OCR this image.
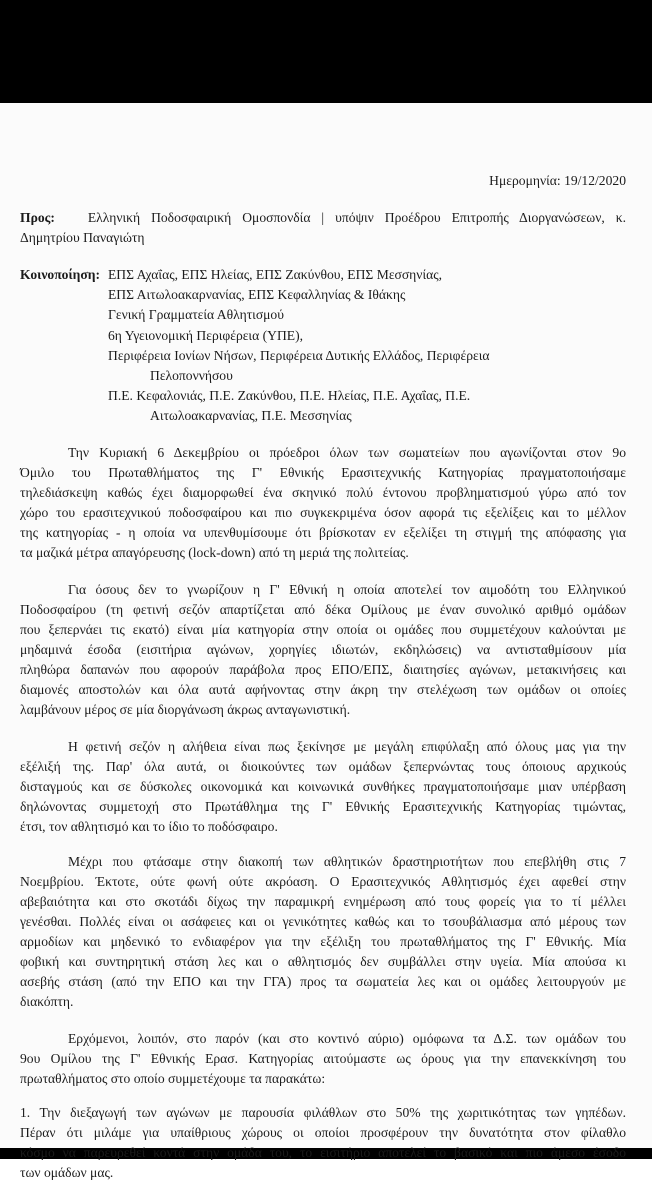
Ημερομηνία: 19/12/2020
Προς: Ελληνική Ποδοσφαιρική Ομοσπονδία | υπόψιν Προέδρου Επιτροπής Διοργανώσεων, κ.
Δημητρίου Παναγιώτη
Κοινοποίηση: ΕΠΣ Αχαΐας, ΕΠΣ Ηλείας, ΕΠΣ Ζακύνθου, ΕΠΣ Μεσσηνίας,
ΕΠΣ Αιτωλοακαρνανίας, ΕΠΣ Κεφαλληνίας & Ιθάκης
Γενική Γραμματεία Αθλητισμού
6η Υγειονομική Περιφέρεια (ΥΠΕ),
Περιφέρεια Ιονίων Νήσων, Περιφέρεια Δυτικής Ελλάδος, Περιφέρεια
Πελοποννήσου
Π.Ε. Κεφαλονιάς, Π.Ε. Ζακύνθου, Π.Ε. Ηλείας, Π.Ε. Αχαΐας, Π.Ε.
Αιτωλοακαρνανίας, Π.Ε. Μεσσηνίας
Την Κυριακή 6 Δεκεμβρίου οι πρόεδροι όλων των σωματείων που αγωνίζονται στον 9ο
Όμιλο του Πρωταθλήματος της Γ' Εθνικής Ερασιτεχνικής Κατηγορίας πραγματοποιήσαμε
τηλεδιάσκεψη καθώς έχει διαμορφωθεί ένα σκηνικό πολύ έντονου προβληματισμού γύρω από τον
χώρο του ερασιτεχνικού ποδοσφαίρου και πιο συγκεκριμένα όσον αφορά τις εξελίξεις και το μέλλον
της κατηγορίας - η οποία να υπενθυμίσουμε ότι βρίσκοταν εν εξελίξει τη στιγμή της απόφασης για
τα μαζικά μέτρα απαγόρευσης (lock-down) από τη μεριά της πολιτείας.
Για όσους δεν το γνωρίζουν η Γ' Εθνική η οποία αποτελεί τον αιμοδότη του Ελληνικού
Ποδοσφαίρου (τη φετινή σεζόν απαρτίζεται από δέκα Ομίλους με έναν συνολικό αριθμό ομάδων
που ξεπερνάει τις εκατό) είναι μία κατηγορία στην οποία οι ομάδες που συμμετέχουν καλούνται με
μηδαμινά έσοδα (εισιτήρια αγώνων, χορηγίες ιδιωτών, εκδηλώσεις) να αντισταθμίσουν μία
πληθώρα δαπανών που αφορούν παράβολα προς ΕΠΟ/ΕΠΣ, διαιτησίες αγώνων, μετακινήσεις και
διαμονές αποστολών και όλα αυτά αφήνοντας στην άκρη την στελέχωση των ομάδων οι οποίες
λαμβάνουν μέρος σε μία διοργάνωση άκρως ανταγωνιστική.
Η φετινή σεζόν η αλήθεια είναι πως ξεκίνησε με μεγάλη επιφύλαξη από όλους μας για την
εξέλιξή της. Παρ' όλα αυτά, οι διοικούντες των ομάδων ξεπερνώντας τους όποιους αρχικούς
δισταγμούς και σε δύσκολες οικονομικά και κοινωνικά συνθήκες πραγματοποιήσαμε μιαν υπέρβαση
δηλώνοντας συμμετοχή στο Πρωτάθλημα της Γ' Εθνικής Ερασιτεχνικής Κατηγορίας τιμώντας,
έτσι, τον αθλητισμό και το ίδιο το ποδόσφαιρο.
Μέχρι που φτάσαμε στην διακοπή των αθλητικών δραστηριοτήτων που επεβλήθη στις 7
Νοεμβρίου. Έκτοτε, ούτε φωνή ούτε ακρόαση. Ο Ερασιτεχνικός Αθλητισμός έχει αφεθεί στην
αβεβαιότητα και στο σκοτάδι δίχως την παραμικρή ενημέρωση από τους φορείς για το τί μέλλει
γενέσθαι. Πολλές είναι οι ασάφειες και οι γενικότητες καθώς και το τσουβάλιασμα από μέρους των
αρμοδίων και μηδενικό το ενδιαφέρον για την εξέλιξη του πρωταθλήματος της Γ' Εθνικής. Μία
φοβική και συντηρητική στάση λες και ο αθλητισμός δεν συμβάλλει στην υγεία. Μία απούσα κι
ασεβής στάση (από την ΕΠΟ και την ΓΓΑ) προς τα σωματεία λες και οι ομάδες λειτουργούν με
διακόπτη.
Ερχόμενοι, λοιπόν, στο παρόν (και στο κοντινό αύριο) ομόφωνα τα Δ.Σ. των ομάδων του
9ου Ομίλου της Γ' Εθνικής Ερασ. Κατηγορίας αιτούμαστε ως όρους για την επανεκκίνηση του
πρωταθλήματος στο οποίο συμμετέχουμε τα παρακάτω:
1. Την διεξαγωγή των αγώνων με παρουσία φιλάθλων στο 50% της χωριτικότητας των γηπέδων.
Πέραν ότι μιλάμε για υπαίθριους χώρους οι οποίοι προσφέρουν την δυνατότητα στον φίλαθλο
κόσμο να παρευρεθεί κοντά στην ομάδα του, το εισιτήριο αποτελεί το βασικό και πιο άμεσο έσοδο
των ομάδων μας.
